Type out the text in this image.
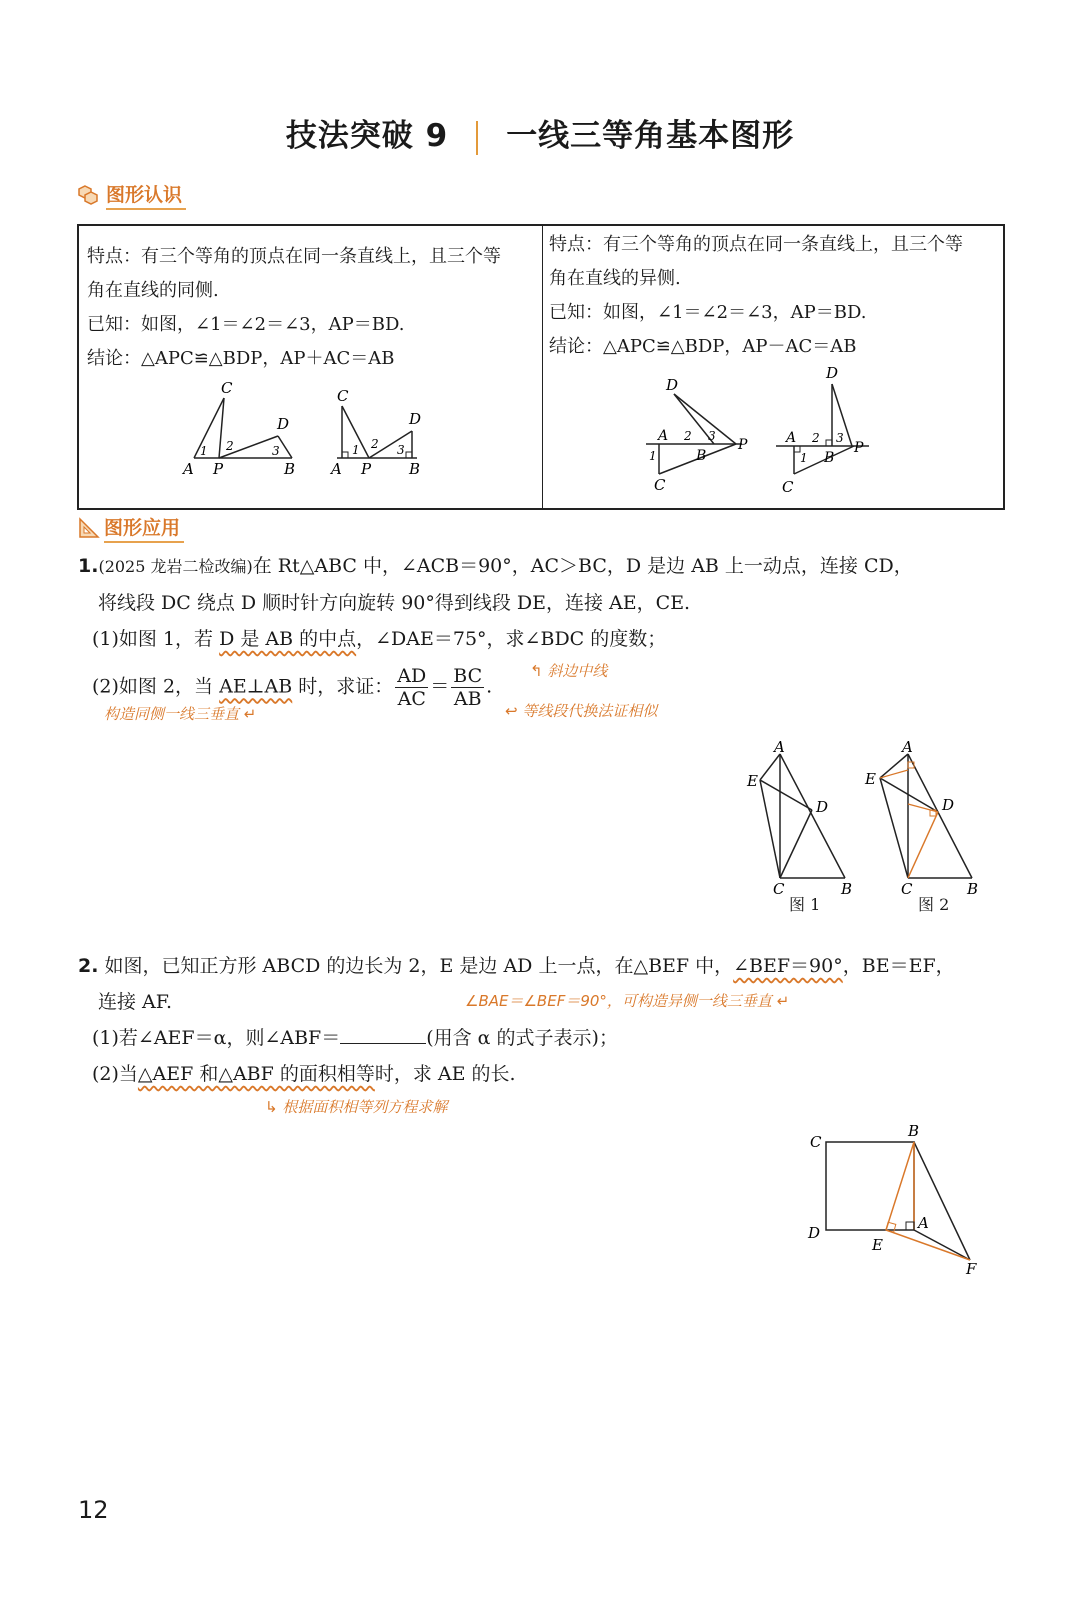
技法突破 9 一线三等角基本图形
图形认识

特点：有三个等角的顶点在同一条直线上，且三个等

角在直线的同侧.

已知：如图，∠1＝∠2＝∠3，AP＝BD.

结论：△APC≌△BDP，AP＋AC＝AB

特点：有三个等角的顶点在同一条直线上，且三个等

角在直线的异侧.

已知：如图，∠1＝∠2＝∠3，AP＝BD.

结论：△APC≌△BDP，AP－AC＝AB

C
D
A P	B
1 2	3
C
D
A P	B
1 2 3
D
A
B
P
C
1
2 3
D
A
B
P
C
1
2 3
图形应用

1.(2025 龙岩二检改编)在 Rt△ABC 中，∠ACB＝90°，AC＞BC，D 是边 AB 上一动点，连接 CD，

将线段 DC 绕点 D 顺时针方向旋转 90°得到线段 DE，连接 AE，CE.

(1)如图 1，若 D 是 AB 的中点，∠DAE＝75°，求∠BDC 的度数；

(2)如图 2，当 AE⊥AB 时，求证： $\frac{AD}{AC} = \frac{BC}{AB}$ .

↰ 斜边中线
构造同侧一线三垂直 ↵	↩ 等线段代换法证相似
A
E
D
C	B
图 1
A
E
D
C	B
图 2

2. 如图，已知正方形 ABCD 的边长为 2，E 是边 AD 上一点，在△BEF 中，∠BEF＝90°，BE＝EF，

连接 AF.

(1)若∠AEF＝α，则∠ABF＝	(用含 α 的式子表示)；

(2)当△AEF 和△ABF 的面积相等时，求 AE 的长.

∠BAE＝∠BEF＝90°，可构造异侧一线三垂直 ↵
↳ 根据面积相等列方程求解
C
B
D
A
E
F
12
